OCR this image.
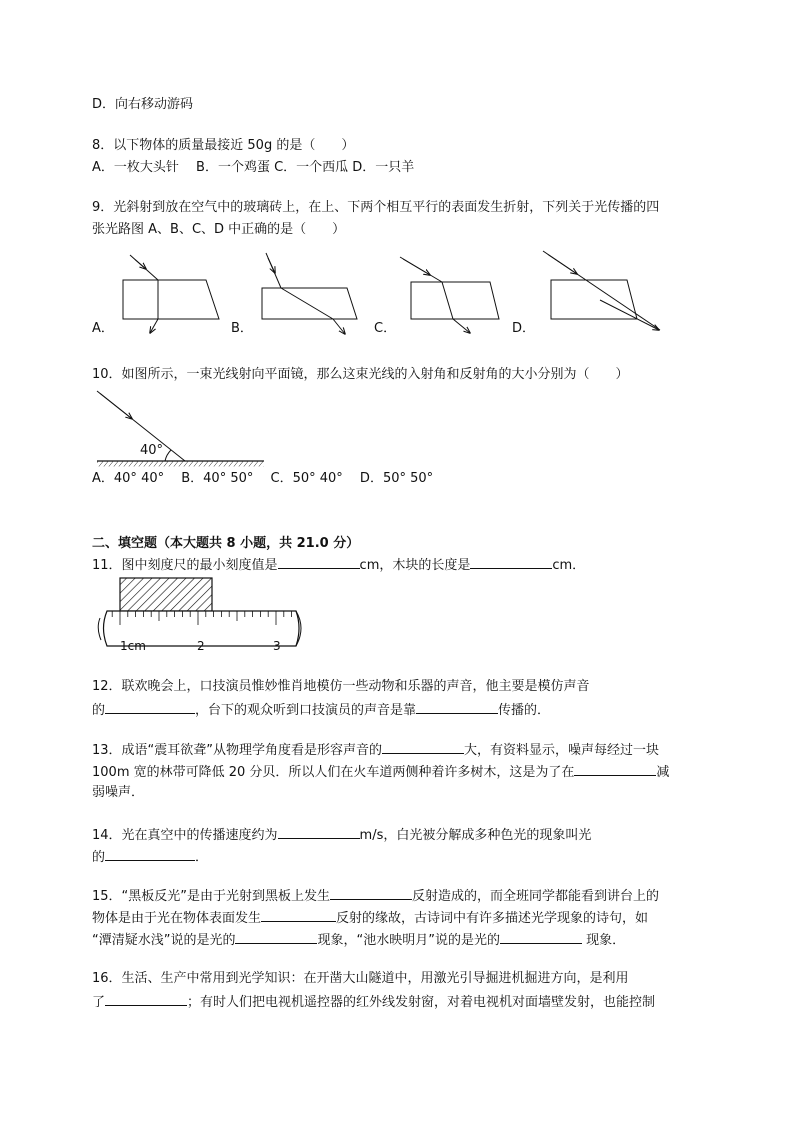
D．向右移动游码
8．以下物体的质量最接近 50g 的是（　　）
A．一枚大头针　 B．一个鸡蛋 C．一个西瓜 D．一只羊
9．光斜射到放在空气中的玻璃砖上，在上、下两个相互平行的表面发生折射，下列关于光传播的四
张光路图 A、B、C、D 中正确的是（　　）
A．	B．	C．	D．
10．如图所示，一束光线射向平面镜，那么这束光线的入射角和反射角的大小分别为（　　）
40°
A．40° 40°　 B．40° 50°　 C．50° 40°　 D．50° 50°
二、填空题（本大题共 8 小题，共 21.0 分）
11．图中刻度尺的最小刻度值是	cm，木块的长度是	cm．
1cm	2	3
12．联欢晚会上，口技演员惟妙惟肖地模仿一些动物和乐器的声音，他主要是模仿声音
的	，台下的观众听到口技演员的声音是靠	传播的．
13．成语“震耳欲聋”从物理学角度看是形容声音的	大，有资料显示，噪声每经过一块
100m 宽的林带可降低 20 分贝．所以人们在火车道两侧种着许多树木，这是为了在	减
弱噪声．
14．光在真空中的传播速度约为	m/s，白光被分解成多种色光的现象叫光
的	．
15．“黑板反光”是由于光射到黑板上发生	反射造成的，而全班同学都能看到讲台上的
物体是由于光在物体表面发生	反射的缘故，古诗词中有许多描述光学现象的诗句，如
“潭清疑水浅”说的是光的	现象，“池水映明月”说的是光的	现象．
16．生活、生产中常用到光学知识：在开凿大山隧道中，用激光引导掘进机掘进方向，是利用
了	；有时人们把电视机遥控器的红外线发射窗，对着电视机对面墙壁发射，也能控制
